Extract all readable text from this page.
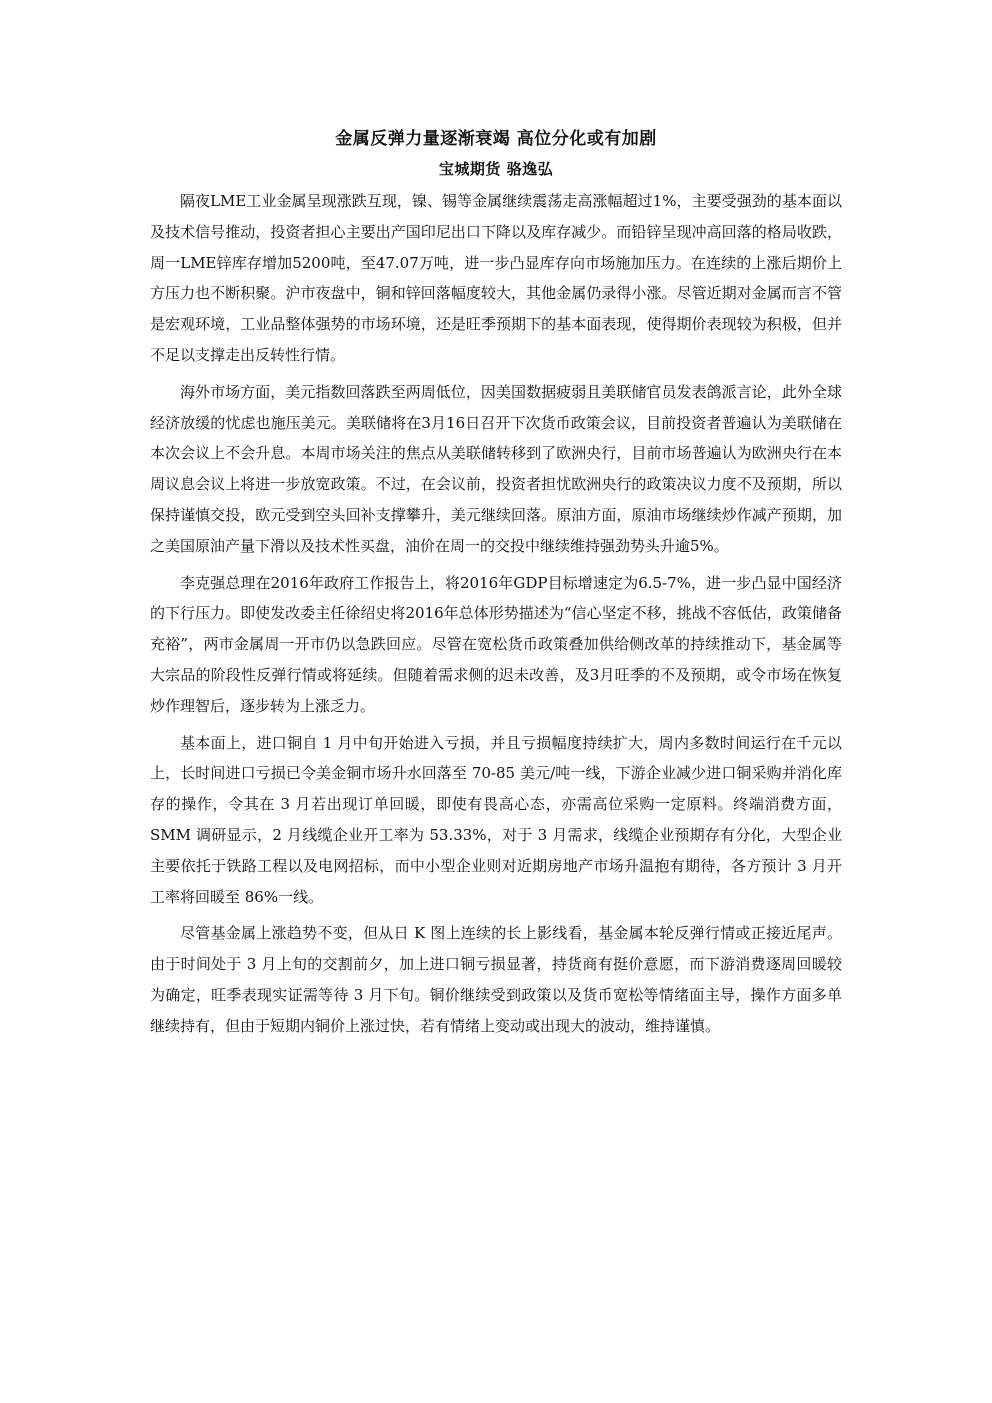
金属反弹力量逐渐衰竭 高位分化或有加剧
宝城期货 骆逸弘

隔夜LME工业金属呈现涨跌互现，镍、锡等金属继续震荡走高涨幅超过1%，主要受强劲的基本面以及技术信号推动，投资者担心主要出产国印尼出口下降以及库存减少。而铅锌呈现冲高回落的格局收跌，周一LME锌库存增加5200吨，至47.07万吨，进一步凸显库存向市场施加压力。在连续的上涨后期价上方压力也不断积聚。沪市夜盘中，铜和锌回落幅度较大，其他金属仍录得小涨。尽管近期对金属而言不管是宏观环境，工业品整体强势的市场环境，还是旺季预期下的基本面表现，使得期价表现较为积极，但并不足以支撑走出反转性行情。

海外市场方面，美元指数回落跌至两周低位，因美国数据疲弱且美联储官员发表鸽派言论，此外全球经济放缓的忧虑也施压美元。美联储将在3月16日召开下次货币政策会议，目前投资者普遍认为美联储在本次会议上不会升息。本周市场关注的焦点从美联储转移到了欧洲央行，目前市场普遍认为欧洲央行在本周议息会议上将进一步放宽政策。不过，在会议前，投资者担忧欧洲央行的政策决议力度不及预期，所以保持谨慎交投，欧元受到空头回补支撑攀升，美元继续回落。原油方面，原油市场继续炒作减产预期，加之美国原油产量下滑以及技术性买盘，油价在周一的交投中继续维持强劲势头升逾5%。

李克强总理在2016年政府工作报告上，将2016年GDP目标增速定为6.5-7%，进一步凸显中国经济的下行压力。即使发改委主任徐绍史将2016年总体形势描述为“信心坚定不移，挑战不容低估，政策储备充裕”，两市金属周一开市仍以急跌回应。尽管在宽松货币政策叠加供给侧改革的持续推动下，基金属等大宗品的阶段性反弹行情或将延续。但随着需求侧的迟未改善，及3月旺季的不及预期，或令市场在恢复炒作理智后，逐步转为上涨乏力。

基本面上，进口铜自 1 月中旬开始进入亏损，并且亏损幅度持续扩大，周内多数时间运行在千元以上，长时间进口亏损已令美金铜市场升水回落至 70-85 美元/吨一线，下游企业减少进口铜采购并消化库存的操作，令其在 3 月若出现订单回暖，即使有畏高心态，亦需高位采购一定原料。终端消费方面，SMM 调研显示，2 月线缆企业开工率为 53.33%，对于 3 月需求，线缆企业预期存有分化，大型企业主要依托于铁路工程以及电网招标，而中小型企业则对近期房地产市场升温抱有期待，各方预计 3 月开工率将回暖至 86%一线。

尽管基金属上涨趋势不变，但从日 K 图上连续的长上影线看，基金属本轮反弹行情或正接近尾声。由于时间处于 3 月上旬的交割前夕，加上进口铜亏损显著，持货商有挺价意愿，而下游消费逐周回暖较为确定，旺季表现实证需等待 3 月下旬。铜价继续受到政策以及货币宽松等情绪面主导，操作方面多单继续持有，但由于短期内铜价上涨过快，若有情绪上变动或出现大的波动，维持谨慎。
